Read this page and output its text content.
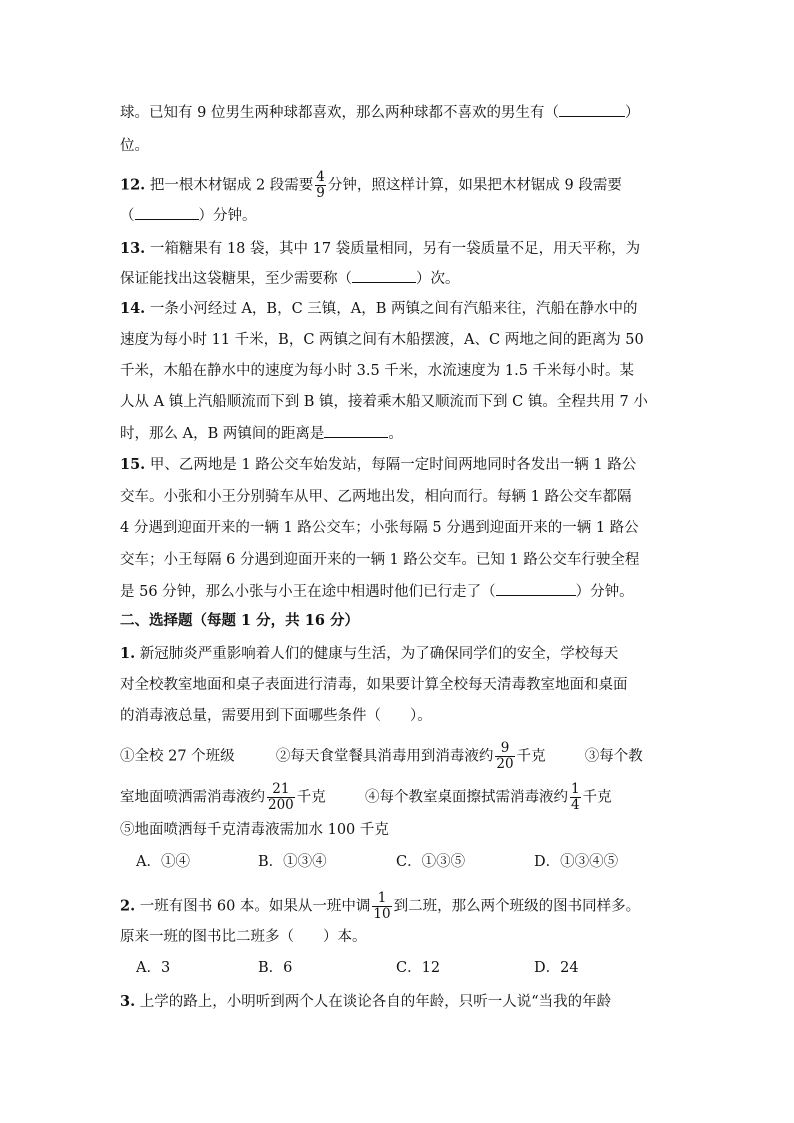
球。已知有 9 位男生两种球都喜欢，那么两种球都不喜欢的男生有（	）
位。
12. 把一根木材锯成 2 段需要 $\frac{4}{9}$ 分钟，照这样计算，如果把木材锯成 9 段需要
（	）分钟。
13. 一箱糖果有 18 袋，其中 17 袋质量相同，另有一袋质量不足，用天平称，为
保证能找出这袋糖果，至少需要称（	）次。
14. 一条小河经过 A，B，C 三镇，A，B 两镇之间有汽船来往，汽船在静水中的
速度为每小时 11 千米，B，C 两镇之间有木船摆渡，A、C 两地之间的距离为 50
千米，木船在静水中的速度为每小时 3.5 千米，水流速度为 1.5 千米每小时。某
人从 A 镇上汽船顺流而下到 B 镇，接着乘木船又顺流而下到 C 镇。全程共用 7 小
时，那么 A，B 两镇间的距离是	。
15. 甲、乙两地是 1 路公交车始发站，每隔一定时间两地同时各发出一辆 1 路公
交车。小张和小王分别骑车从甲、乙两地出发，相向而行。每辆 1 路公交车都隔
4 分遇到迎面开来的一辆 1 路公交车；小张每隔 5 分遇到迎面开来的一辆 1 路公
交车；小王每隔 6 分遇到迎面开来的一辆 1 路公交车。已知 1 路公交车行驶全程
是 56 分钟，那么小张与小王在途中相遇时他们已行走了（	）分钟。
二、选择题（每题 1 分，共 16 分）
1. 新冠肺炎严重影响着人们的健康与生活，为了确保同学们的安全，学校每天
对全校教室地面和桌子表面进行清毒，如果要计算全校每天清毒教室地面和桌面
的消毒液总量，需要用到下面哪些条件（　　）。
①全校 27 个班级	②每天食堂餐具消毒用到消毒液约 $\frac{9}{20}$ 千克	③每个教
室地面喷洒需消毒液约 $\frac{21}{200}$ 千克	④每个教室桌面擦拭需消毒液约 $\frac{1}{4}$ 千克
⑤地面喷洒每千克清毒液需加水 100 千克
A．①④	B．①③④	C．①③⑤	D．①③④⑤
2. 一班有图书 60 本。如果从一班中调 $\frac{1}{10}$ 到二班，那么两个班级的图书同样多。
原来一班的图书比二班多（　　）本。
A．3	B．6	C．12	D．24
3. 上学的路上，小明听到两个人在谈论各自的年龄，只听一人说“当我的年龄
